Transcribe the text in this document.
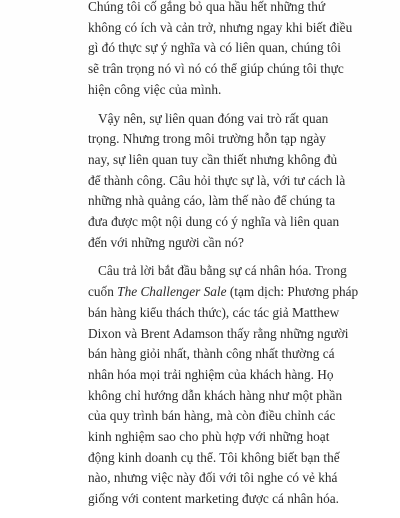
Chúng tôi cố gắng bỏ qua hầu hết những thứ
không có ích và cản trở, nhưng ngay khi biết điều
gì đó thực sự ý nghĩa và có liên quan, chúng tôi
sẽ trân trọng nó vì nó có thể giúp chúng tôi thực
hiện công việc của mình.
Vậy nên, sự liên quan đóng vai trò rất quan
trọng. Nhưng trong môi trường hỗn tạp ngày
nay, sự liên quan tuy cần thiết nhưng không đủ
để thành công. Câu hỏi thực sự là, với tư cách là
những nhà quảng cáo, làm thế nào để chúng ta
đưa được một nội dung có ý nghĩa và liên quan
đến với những người cần nó?
Câu trả lời bắt đầu bằng sự cá nhân hóa. Trong
cuốn The Challenger Sale (tạm dịch: Phương pháp
bán hàng kiểu thách thức), các tác giả Matthew
Dixon và Brent Adamson thấy rằng những người
bán hàng giỏi nhất, thành công nhất thường cá
nhân hóa mọi trải nghiệm của khách hàng. Họ
không chỉ hướng dẫn khách hàng như một phần
của quy trình bán hàng, mà còn điều chỉnh các
kinh nghiệm sao cho phù hợp với những hoạt
động kinh doanh cụ thể. Tôi không biết bạn thế
nào, nhưng việc này đối với tôi nghe có vẻ khá
giống với content marketing được cá nhân hóa.
